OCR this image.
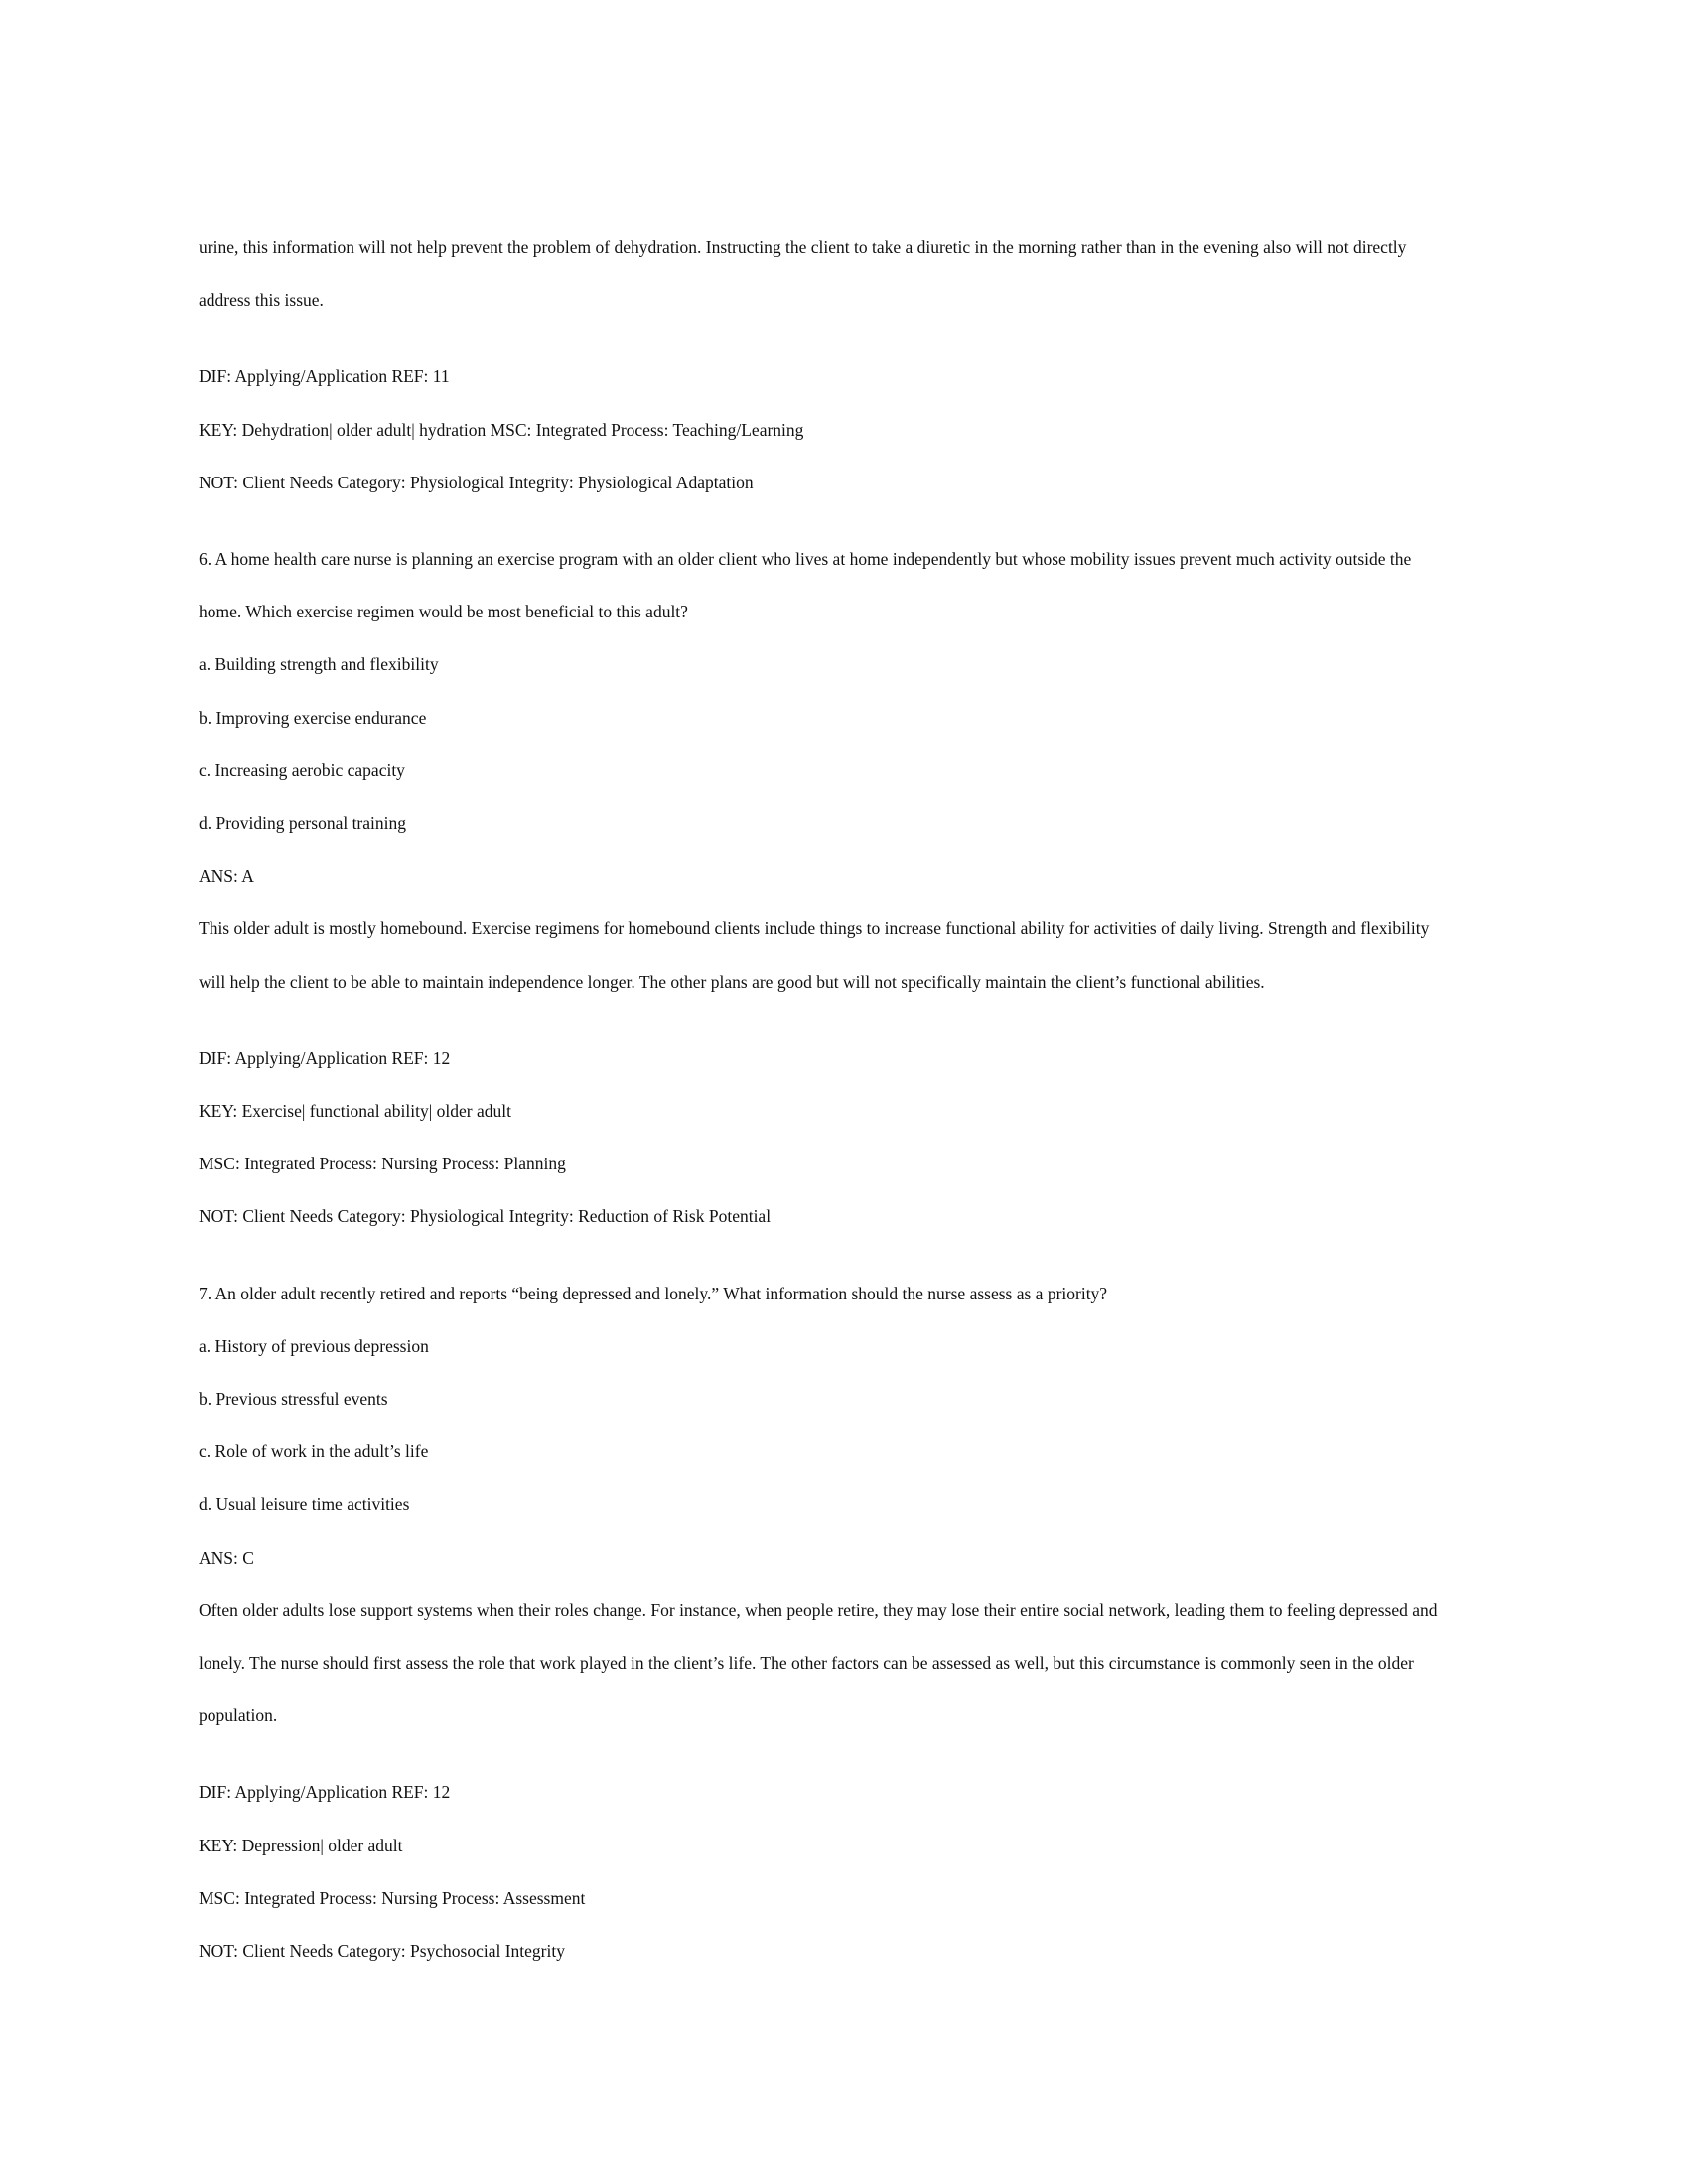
urine, this information will not help prevent the problem of dehydration. Instructing the client to take a diuretic in the morning rather than in the evening also will not directly

address this issue.

DIF: Applying/Application REF: 11

KEY: Dehydration| older adult| hydration MSC: Integrated Process: Teaching/Learning

NOT: Client Needs Category: Physiological Integrity: Physiological Adaptation

6. A home health care nurse is planning an exercise program with an older client who lives at home independently but whose mobility issues prevent much activity outside the

home. Which exercise regimen would be most beneficial to this adult?

a. Building strength and flexibility

b. Improving exercise endurance

c. Increasing aerobic capacity

d. Providing personal training

ANS: A

This older adult is mostly homebound. Exercise regimens for homebound clients include things to increase functional ability for activities of daily living. Strength and flexibility

will help the client to be able to maintain independence longer. The other plans are good but will not specifically maintain the client’s functional abilities.

DIF: Applying/Application REF: 12

KEY: Exercise| functional ability| older adult

MSC: Integrated Process: Nursing Process: Planning

NOT: Client Needs Category: Physiological Integrity: Reduction of Risk Potential

7. An older adult recently retired and reports “being depressed and lonely.” What information should the nurse assess as a priority?

a. History of previous depression

b. Previous stressful events

c. Role of work in the adult’s life

d. Usual leisure time activities

ANS: C

Often older adults lose support systems when their roles change. For instance, when people retire, they may lose their entire social network, leading them to feeling depressed and

lonely. The nurse should first assess the role that work played in the client’s life. The other factors can be assessed as well, but this circumstance is commonly seen in the older

population.

DIF: Applying/Application REF: 12

KEY: Depression| older adult

MSC: Integrated Process: Nursing Process: Assessment

NOT: Client Needs Category: Psychosocial Integrity
